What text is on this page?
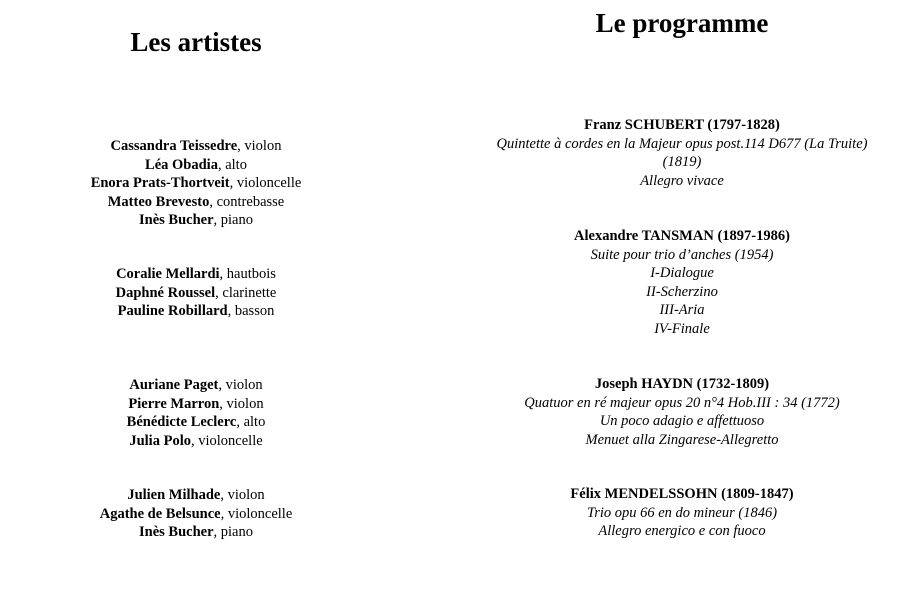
Les artistes
Cassandra Teissedre, violon
Léa Obadia, alto
Enora Prats-Thortveit, violoncelle
Matteo Brevesto, contrebasse
Inès Bucher, piano
Coralie Mellardi, hautbois
Daphné Roussel, clarinette
Pauline Robillard, basson
Auriane Paget, violon
Pierre Marron, violon
Bénédicte Leclerc, alto
Julia Polo, violoncelle
Julien Milhade, violon
Agathe de Belsunce, violoncelle
Inès Bucher, piano
Le programme
Franz SCHUBERT (1797-1828)
Quintette à cordes en la Majeur opus post.114 D677 (La Truite) (1819)
Allegro vivace
Alexandre TANSMAN (1897-1986)
Suite pour trio d’anches (1954)
I-Dialogue
II-Scherzino
III-Aria
IV-Finale
Joseph HAYDN (1732-1809)
Quatuor en ré majeur opus 20 n°4 Hob.III : 34 (1772)
Un poco adagio e affettuoso
Menuet alla Zingarese-Allegretto
Félix MENDELSSOHN (1809-1847)
Trio opu 66 en do mineur (1846)
Allegro energico e con fuoco
